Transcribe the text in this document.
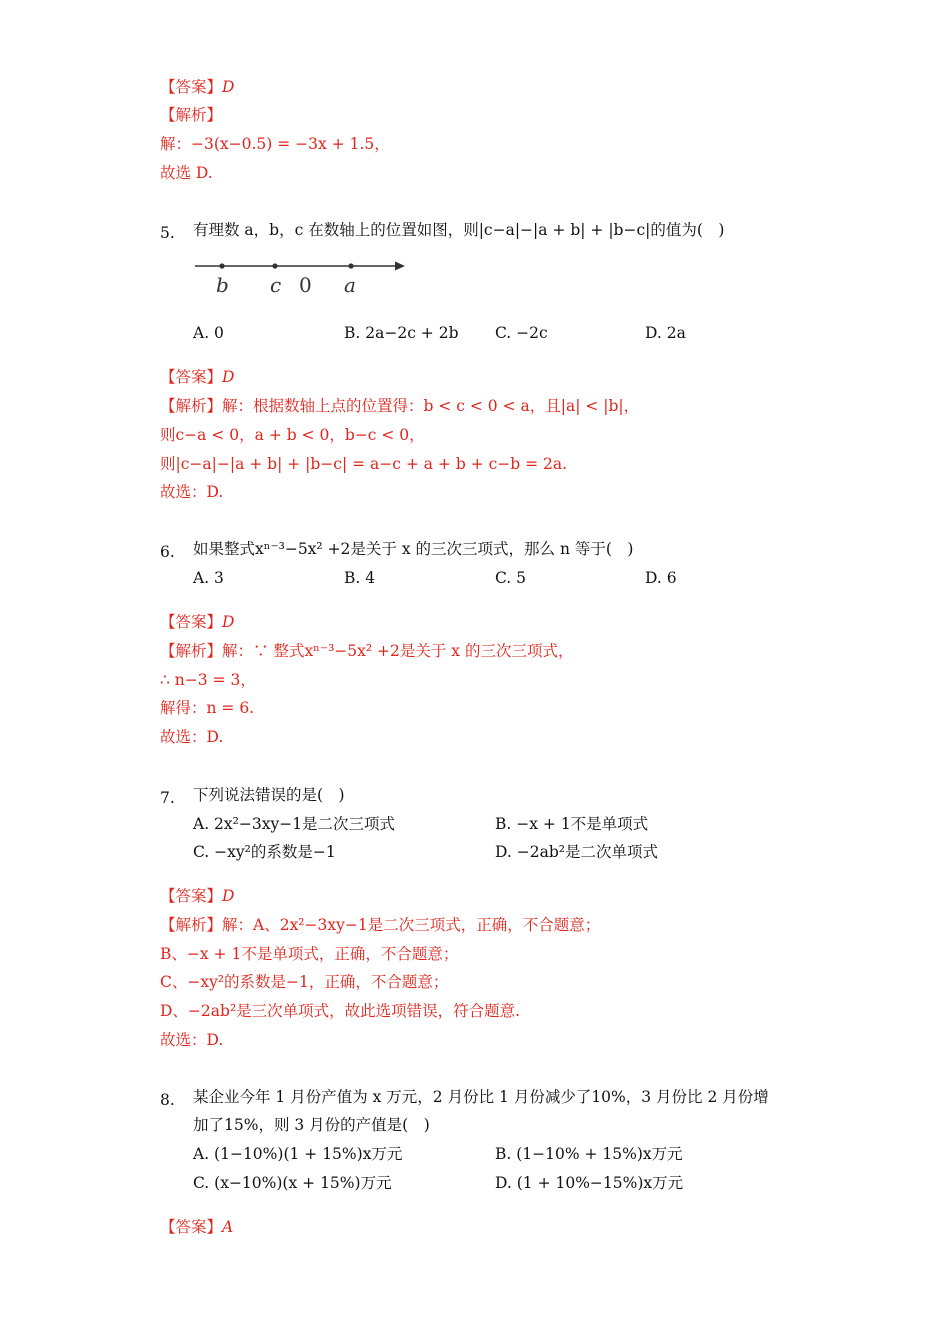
【答案】D
【解析】
解：−3(x−0.5) = −3x + 1.5，
故选 D.
5. 有理数 a，b，c 在数轴上的位置如图，则|c−a|−|a + b| + |b−c|的值为(　)
b c 0 a
A. 0	B. 2a−2c + 2b C. −2c	D. 2a
【答案】D
【解析】解：根据数轴上点的位置得：b < c < 0 < a，且|a| < |b|，
则c−a < 0，a + b < 0，b−c < 0，
则|c−a|−|a + b| + |b−c| = a−c + a + b + c−b = 2a.
故选：D.
6. 如果整式xⁿ⁻³−5x² +2是关于 x 的三次三项式，那么 n 等于(　)
A. 3	B. 4	C. 5	D. 6
【答案】D
【解析】解：∵ 整式xⁿ⁻³−5x² +2是关于 x 的三次三项式，
∴ n−3 = 3，
解得：n = 6.
故选：D.
7. 下列说法错误的是(　)
A. 2x²−3xy−1是二次三项式	B. −x + 1不是单项式
C. −xy²的系数是−1	D. −2ab²是二次单项式
【答案】D
【解析】解：A、2x²−3xy−1是二次三项式，正确，不合题意；
B、−x + 1不是单项式，正确，不合题意；
C、−xy²的系数是−1，正确，不合题意；
D、−2ab²是三次单项式，故此选项错误，符合题意.
故选：D.
8. 某企业今年 1 月份产值为 x 万元，2 月份比 1 月份减少了10%，3 月份比 2 月份增
加了15%，则 3 月份的产值是(　)
A. (1−10%)(1 + 15%)x万元	B. (1−10% + 15%)x万元
C. (x−10%)(x + 15%)万元	D. (1 + 10%−15%)x万元
【答案】A
